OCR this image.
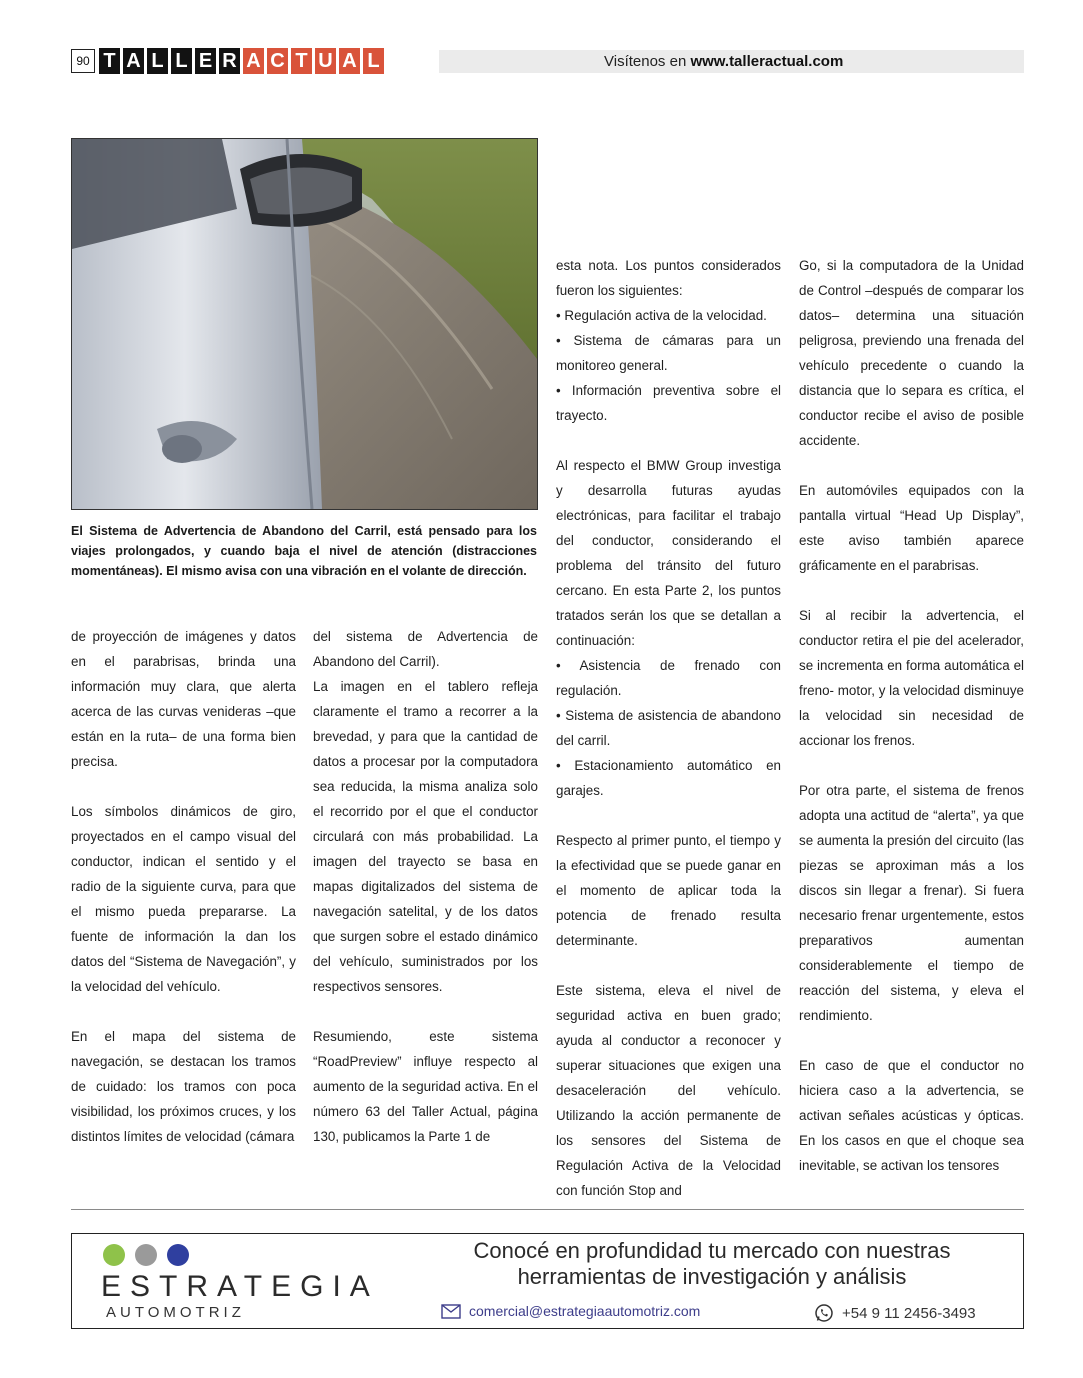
90 T A L L E R A C T U A L	Visítenos en www.talleractual.com
El Sistema de Advertencia de Abandono del Carril, está pensado para los viajes prolongados, y cuando baja el nivel de atención (distracciones momentáneas). El mismo avisa con una vibración en el volante de dirección.

de proyección de imágenes y datos en el parabrisas, brinda una información muy clara, que alerta acerca de las curvas venideras –que están en la ruta– de una forma bien precisa.

Los símbolos dinámicos de giro, proyectados en el campo visual del conductor, indican el sentido y el radio de la siguiente curva, para que el mismo pueda prepararse. La fuente de información la dan los datos del “Sistema de Navegación”, y la velocidad del vehículo.

En el mapa del sistema de navegación, se destacan los tramos de cuidado: los tramos con poca visibilidad, los próximos cruces, y los distintos límites de velocidad (cámara

del sistema de Advertencia de Abandono del Carril).

La imagen en el tablero refleja claramente el tramo a recorrer a la brevedad, y para que la cantidad de datos a procesar por la computadora sea reducida, la misma analiza solo el recorrido por el que el conductor circulará con más probabilidad. La imagen del trayecto se basa en mapas digitalizados del sistema de navegación satelital, y de los datos que surgen sobre el estado dinámico del vehículo, suministrados por los respectivos sensores.

Resumiendo, este sistema “RoadPreview” influye respecto al aumento de la seguridad activa. En el número 63 del Taller Actual, página 130, publicamos la Parte 1 de

esta nota. Los puntos considerados fueron los siguientes:
• Regulación activa de la velocidad.
• Sistema de cámaras para un monitoreo general.

• Información preventiva sobre el trayecto.

Al respecto el BMW Group investiga y desarrolla futuras ayudas electrónicas, para facilitar el trabajo del conductor, considerando el problema del tránsito del futuro cercano. En esta Parte 2, los puntos tratados serán los que se detallan a continuación:
• Asistencia de frenado con regulación.
• Sistema de asistencia de abandono del carril.

• Estacionamiento automático en garajes.

Respecto al primer punto, el tiempo y la efectividad que se puede ganar en el momento de aplicar toda la potencia de frenado resulta determinante.

Este sistema, eleva el nivel de seguridad activa en buen grado; ayuda al conductor a reconocer y superar situaciones que exigen una desaceleración del vehículo. Utilizando la acción permanente de los sensores del Sistema de Regulación Activa de la Velocidad con función Stop and

Go, si la computadora de la Unidad de Control –después de comparar los datos– determina una situación peligrosa, previendo una frenada del vehículo precedente o cuando la distancia que lo separa es crítica, el conductor recibe el aviso de posible accidente.

En automóviles equipados con la pantalla virtual “Head Up Display”, este aviso también aparece gráficamente en el parabrisas.

Si al recibir la advertencia, el conductor retira el pie del acelerador, se incrementa en forma automática el freno- motor, y la velocidad disminuye la velocidad sin necesidad de accionar los frenos.

Por otra parte, el sistema de frenos adopta una actitud de “alerta”, ya que se aumenta la presión del circuito (las piezas se aproximan más a los discos sin llegar a frenar). Si fuera necesario frenar urgentemente, estos preparativos aumentan considerablemente el tiempo de reacción del sistema, y eleva el rendimiento.

En caso de que el conductor no hiciera caso a la advertencia, se activan señales acústicas y ópticas. En los casos en que el choque sea inevitable, se activan los tensores

ESTRATEGIA
AUTOMOTRIZ
Conocé en profundidad tu mercado con nuestras
herramientas de investigación y análisis
comercial@estrategiaautomotriz.com	+54 9 11 2456-3493
